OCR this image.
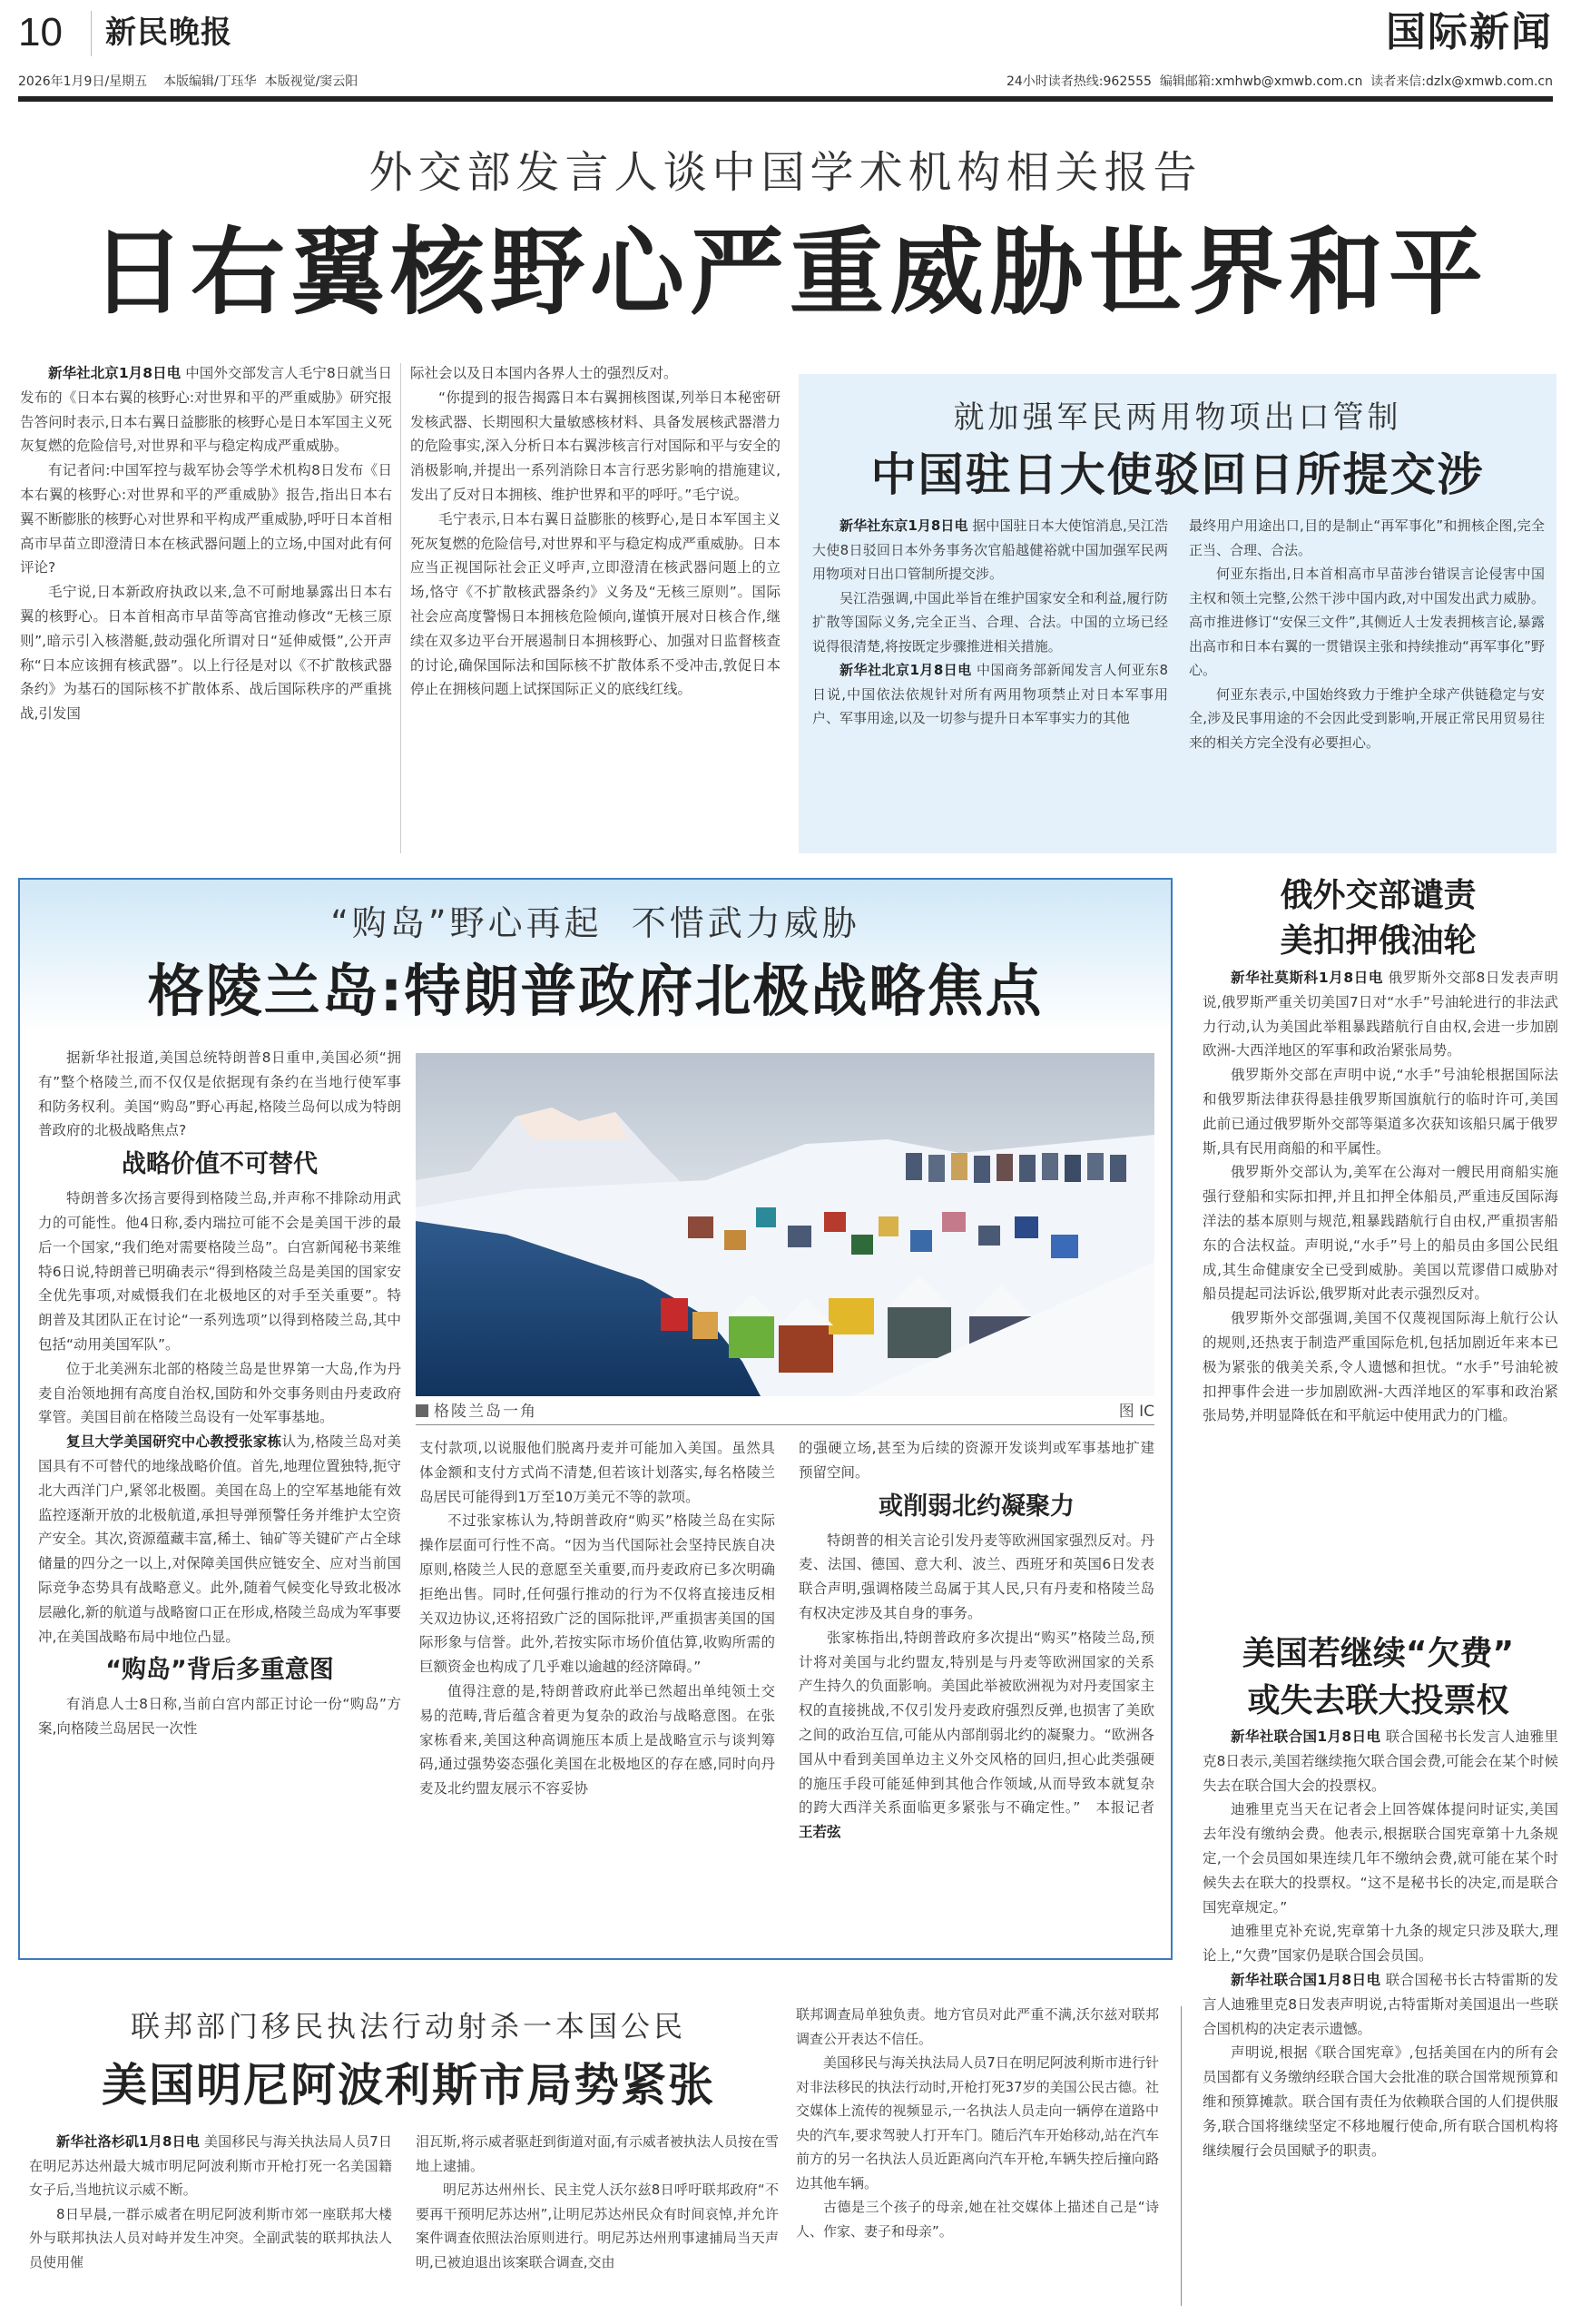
10 新民晚报	国际新闻
2026年1月9日/星期五    本版编辑/丁珏华  本版视觉/窦云阳	24小时读者热线:962555  编辑邮箱:xmhwb@xmwb.com.cn  读者来信:dzlx@xmwb.com.cn
外交部发言人谈中国学术机构相关报告
日右翼核野心严重威胁世界和平

新华社北京1月8日电 中国外交部发言人毛宁8日就当日发布的《日本右翼的核野心:对世界和平的严重威胁》研究报告答问时表示,日本右翼日益膨胀的核野心是日本军国主义死灰复燃的危险信号,对世界和平与稳定构成严重威胁。

有记者问:中国军控与裁军协会等学术机构8日发布《日本右翼的核野心:对世界和平的严重威胁》报告,指出日本右翼不断膨胀的核野心对世界和平构成严重威胁,呼吁日本首相高市早苗立即澄清日本在核武器问题上的立场,中国对此有何评论?

毛宁说,日本新政府执政以来,急不可耐地暴露出日本右翼的核野心。日本首相高市早苗等高官推动修改“无核三原则”,暗示引入核潜艇,鼓动强化所谓对日“延伸威慑”,公开声称“日本应该拥有核武器”。以上行径是对以《不扩散核武器条约》为基石的国际核不扩散体系、战后国际秩序的严重挑战,引发国

际社会以及日本国内各界人士的强烈反对。

“你提到的报告揭露日本右翼拥核图谋,列举日本秘密研发核武器、长期囤积大量敏感核材料、具备发展核武器潜力的危险事实,深入分析日本右翼涉核言行对国际和平与安全的消极影响,并提出一系列消除日本言行恶劣影响的措施建议,发出了反对日本拥核、维护世界和平的呼吁。”毛宁说。

毛宁表示,日本右翼日益膨胀的核野心,是日本军国主义死灰复燃的危险信号,对世界和平与稳定构成严重威胁。日本应当正视国际社会正义呼声,立即澄清在核武器问题上的立场,恪守《不扩散核武器条约》义务及“无核三原则”。国际社会应高度警惕日本拥核危险倾向,谨慎开展对日核合作,继续在双多边平台开展遏制日本拥核野心、加强对日监督核查的讨论,确保国际法和国际核不扩散体系不受冲击,敦促日本停止在拥核问题上试探国际正义的底线红线。

就加强军民两用物项出口管制
中国驻日大使驳回日所提交涉

新华社东京1月8日电 据中国驻日本大使馆消息,吴江浩大使8日驳回日本外务事务次官船越健裕就中国加强军民两用物项对日出口管制所提交涉。

吴江浩强调,中国此举旨在维护国家安全和利益,履行防扩散等国际义务,完全正当、合理、合法。中国的立场已经说得很清楚,将按既定步骤推进相关措施。

新华社北京1月8日电 中国商务部新闻发言人何亚东8日说,中国依法依规针对所有两用物项禁止对日本军事用户、军事用途,以及一切参与提升日本军事实力的其他

最终用户用途出口,目的是制止“再军事化”和拥核企图,完全正当、合理、合法。

何亚东指出,日本首相高市早苗涉台错误言论侵害中国主权和领土完整,公然干涉中国内政,对中国发出武力威胁。高市推进修订“安保三文件”,其侧近人士发表拥核言论,暴露出高市和日本右翼的一贯错误主张和持续推动“再军事化”野心。

何亚东表示,中国始终致力于维护全球产供链稳定与安全,涉及民事用途的不会因此受到影响,开展正常民用贸易往来的相关方完全没有必要担心。

“购岛”野心再起  不惜武力威胁
格陵兰岛:特朗普政府北极战略焦点

据新华社报道,美国总统特朗普8日重申,美国必须“拥有”整个格陵兰,而不仅仅是依据现有条约在当地行使军事和防务权利。美国“购岛”野心再起,格陵兰岛何以成为特朗普政府的北极战略焦点?

战略价值不可替代

特朗普多次扬言要得到格陵兰岛,并声称不排除动用武力的可能性。他4日称,委内瑞拉可能不会是美国干涉的最后一个国家,“我们绝对需要格陵兰岛”。白宫新闻秘书莱维特6日说,特朗普已明确表示“得到格陵兰岛是美国的国家安全优先事项,对威慑我们在北极地区的对手至关重要”。特朗普及其团队正在讨论“一系列选项”以得到格陵兰岛,其中包括“动用美国军队”。

位于北美洲东北部的格陵兰岛是世界第一大岛,作为丹麦自治领地拥有高度自治权,国防和外交事务则由丹麦政府掌管。美国目前在格陵兰岛设有一处军事基地。

复旦大学美国研究中心教授张家栋认为,格陵兰岛对美国具有不可替代的地缘战略价值。首先,地理位置独特,扼守北大西洋门户,紧邻北极圈。美国在岛上的空军基地能有效监控逐渐开放的北极航道,承担导弹预警任务并维护太空资产安全。其次,资源蕴藏丰富,稀土、铀矿等关键矿产占全球储量的四分之一以上,对保障美国供应链安全、应对当前国际竞争态势具有战略意义。此外,随着气候变化导致北极冰层融化,新的航道与战略窗口正在形成,格陵兰岛成为军事要冲,在美国战略布局中地位凸显。

“购岛”背后多重意图

有消息人士8日称,当前白宫内部正讨论一份“购岛”方案,向格陵兰岛居民一次性

格陵兰岛一角	图 IC

支付款项,以说服他们脱离丹麦并可能加入美国。虽然具体金额和支付方式尚不清楚,但若该计划落实,每名格陵兰岛居民可能得到1万至10万美元不等的款项。

不过张家栋认为,特朗普政府“购买”格陵兰岛在实际操作层面可行性不高。“因为当代国际社会坚持民族自决原则,格陵兰人民的意愿至关重要,而丹麦政府已多次明确拒绝出售。同时,任何强行推动的行为不仅将直接违反相关双边协议,还将招致广泛的国际批评,严重损害美国的国际形象与信誉。此外,若按实际市场价值估算,收购所需的巨额资金也构成了几乎难以逾越的经济障碍。”

值得注意的是,特朗普政府此举已然超出单纯领土交易的范畴,背后蕴含着更为复杂的政治与战略意图。在张家栋看来,美国这种高调施压本质上是战略宣示与谈判筹码,通过强势姿态强化美国在北极地区的存在感,同时向丹麦及北约盟友展示不容妥协

的强硬立场,甚至为后续的资源开发谈判或军事基地扩建预留空间。

或削弱北约凝聚力

特朗普的相关言论引发丹麦等欧洲国家强烈反对。丹麦、法国、德国、意大利、波兰、西班牙和英国6日发表联合声明,强调格陵兰岛属于其人民,只有丹麦和格陵兰岛有权决定涉及其自身的事务。

张家栋指出,特朗普政府多次提出“购买”格陵兰岛,预计将对美国与北约盟友,特别是与丹麦等欧洲国家的关系产生持久的负面影响。美国此举被欧洲视为对丹麦国家主权的直接挑战,不仅引发丹麦政府强烈反弹,也损害了美欧之间的政治互信,可能从内部削弱北约的凝聚力。“欧洲各国从中看到美国单边主义外交风格的回归,担心此类强硬的施压手段可能延伸到其他合作领域,从而导致本就复杂的跨大西洋关系面临更多紧张与不确定性。”　本报记者 王若弦

俄外交部谴责
美扣押俄油轮

新华社莫斯科1月8日电 俄罗斯外交部8日发表声明说,俄罗斯严重关切美国7日对“水手”号油轮进行的非法武力行动,认为美国此举粗暴践踏航行自由权,会进一步加剧欧洲-大西洋地区的军事和政治紧张局势。

俄罗斯外交部在声明中说,“水手”号油轮根据国际法和俄罗斯法律获得悬挂俄罗斯国旗航行的临时许可,美国此前已通过俄罗斯外交部等渠道多次获知该船只属于俄罗斯,具有民用商船的和平属性。

俄罗斯外交部认为,美军在公海对一艘民用商船实施强行登船和实际扣押,并且扣押全体船员,严重违反国际海洋法的基本原则与规范,粗暴践踏航行自由权,严重损害船东的合法权益。声明说,“水手”号上的船员由多国公民组成,其生命健康安全已受到威胁。美国以荒谬借口威胁对船员提起司法诉讼,俄罗斯对此表示强烈反对。

俄罗斯外交部强调,美国不仅蔑视国际海上航行公认的规则,还热衷于制造严重国际危机,包括加剧近年来本已极为紧张的俄美关系,令人遗憾和担忧。“水手”号油轮被扣押事件会进一步加剧欧洲-大西洋地区的军事和政治紧张局势,并明显降低在和平航运中使用武力的门槛。

美国若继续“欠费”
或失去联大投票权

新华社联合国1月8日电 联合国秘书长发言人迪雅里克8日表示,美国若继续拖欠联合国会费,可能会在某个时候失去在联合国大会的投票权。

迪雅里克当天在记者会上回答媒体提问时证实,美国去年没有缴纳会费。他表示,根据联合国宪章第十九条规定,一个会员国如果连续几年不缴纳会费,就可能在某个时候失去在联大的投票权。“这不是秘书长的决定,而是联合国宪章规定。”

迪雅里克补充说,宪章第十九条的规定只涉及联大,理论上,“欠费”国家仍是联合国会员国。

新华社联合国1月8日电 联合国秘书长古特雷斯的发言人迪雅里克8日发表声明说,古特雷斯对美国退出一些联合国机构的决定表示遗憾。

声明说,根据《联合国宪章》,包括美国在内的所有会员国都有义务缴纳经联合国大会批准的联合国常规预算和维和预算摊款。联合国有责任为依赖联合国的人们提供服务,联合国将继续坚定不移地履行使命,所有联合国机构将继续履行会员国赋予的职责。

联邦部门移民执法行动射杀一本国公民
美国明尼阿波利斯市局势紧张

新华社洛杉矶1月8日电 美国移民与海关执法局人员7日在明尼苏达州最大城市明尼阿波利斯市开枪打死一名美国籍女子后,当地抗议示威不断。

8日早晨,一群示威者在明尼阿波利斯市郊一座联邦大楼外与联邦执法人员对峙并发生冲突。全副武装的联邦执法人员使用催

泪瓦斯,将示威者驱赶到街道对面,有示威者被执法人员按在雪地上逮捕。

明尼苏达州州长、民主党人沃尔兹8日呼吁联邦政府“不要再干预明尼苏达州”,让明尼苏达州民众有时间哀悼,并允许案件调查依照法治原则进行。明尼苏达州刑事逮捕局当天声明,已被迫退出该案联合调查,交由

联邦调查局单独负责。地方官员对此严重不满,沃尔兹对联邦调查公开表达不信任。

美国移民与海关执法局人员7日在明尼阿波利斯市进行针对非法移民的执法行动时,开枪打死37岁的美国公民古德。社交媒体上流传的视频显示,一名执法人员走向一辆停在道路中央的汽车,要求驾驶人打开车门。随后汽车开始移动,站在汽车前方的另一名执法人员近距离向汽车开枪,车辆失控后撞向路边其他车辆。

古德是三个孩子的母亲,她在社交媒体上描述自己是“诗人、作家、妻子和母亲”。
